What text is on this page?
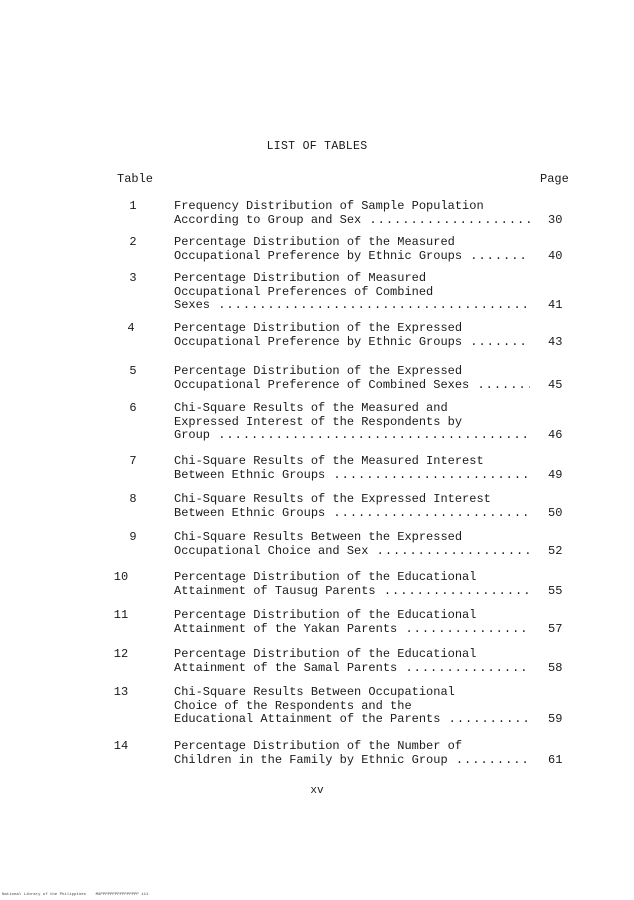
LIST OF TABLES
Table	Page
1	Frequency Distribution of Sample Population
According to Group and Sex .....	30
2	Percentage Distribution of the Measured
Occupational Preference by Ethnic Groups .....	40
3	Percentage Distribution of Measured
Occupational Preferences of Combined
Sexes .....	41
4	Percentage Distribution of the Expressed
Occupational Preference by Ethnic Groups .....	43
5	Percentage Distribution of the Expressed
Occupational Preference of Combined Sexes .....	45
6	Chi-Square Results of the Measured and
Expressed Interest of the Respondents by
Group .....	46
7	Chi-Square Results of the Measured Interest
Between Ethnic Groups .....	49
8	Chi-Square Results of the Expressed Interest
Between Ethnic Groups .....	50
9	Chi-Square Results Between the Expressed
Occupational Choice and Sex .....	52
10	Percentage Distribution of the Educational
Attainment of Tausug Parents .....	55
11	Percentage Distribution of the Educational
Attainment of the Yakan Parents .....	57
12	Percentage Distribution of the Educational
Attainment of the Samal Parents .....	58
13	Chi-Square Results Between Occupational
Choice of the Respondents and the
Educational Attainment of the Parents .....	59
14	Percentage Distribution of the Number of
Children in the Family by Ethnic Group .....	61
xv
National Library of the Philippines    MXPPPPPPPPPPPPPPPP 111
